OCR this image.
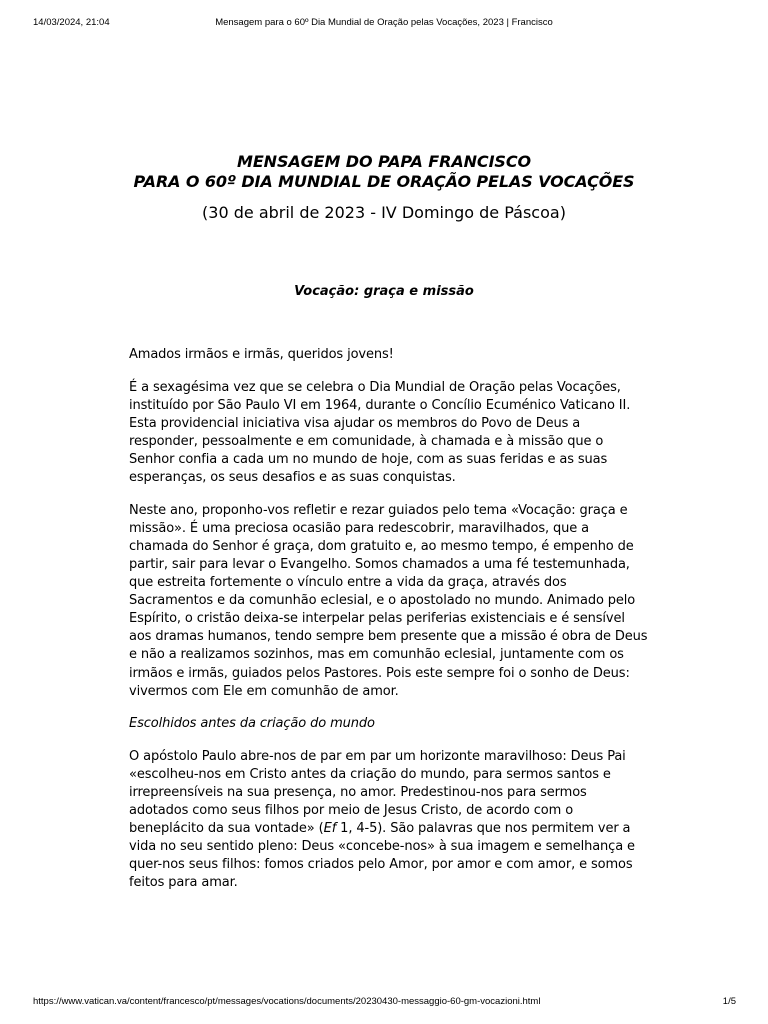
14/03/2024, 21:04	Mensagem para o 60º Dia Mundial de Oração pelas Vocações, 2023 | Francisco
MENSAGEM DO PAPA FRANCISCO
PARA O 60º DIA MUNDIAL DE ORAÇÃO PELAS VOCAÇÕES
(30 de abril de 2023 - IV Domingo de Páscoa)
Vocação: graça e missão

Amados irmãos e irmãs, queridos jovens!

É a sexagésima vez que se celebra o Dia Mundial de Oração pelas Vocações, instituído por São Paulo VI em 1964, durante o Concílio Ecuménico Vaticano II. Esta providencial iniciativa visa ajudar os membros do Povo de Deus a responder, pessoalmente e em comunidade, à chamada e à missão que o Senhor confia a cada um no mundo de hoje, com as suas feridas e as suas esperanças, os seus desafios e as suas conquistas.

Neste ano, proponho-vos refletir e rezar guiados pelo tema «Vocação: graça e missão». É uma preciosa ocasião para redescobrir, maravilhados, que a chamada do Senhor é graça, dom gratuito e, ao mesmo tempo, é empenho de partir, sair para levar o Evangelho. Somos chamados a uma fé testemunhada, que estreita fortemente o vínculo entre a vida da graça, através dos Sacramentos e da comunhão eclesial, e o apostolado no mundo. Animado pelo Espírito, o cristão deixa-se interpelar pelas periferias existenciais e é sensível aos dramas humanos, tendo sempre bem presente que a missão é obra de Deus e não a realizamos sozinhos, mas em comunhão eclesial, juntamente com os irmãos e irmãs, guiados pelos Pastores. Pois este sempre foi o sonho de Deus: vivermos com Ele em comunhão de amor.

Escolhidos antes da criação do mundo

O apóstolo Paulo abre-nos de par em par um horizonte maravilhoso: Deus Pai «escolheu-nos em Cristo antes da criação do mundo, para sermos santos e irrepreensíveis na sua presença, no amor. Predestinou-nos para sermos adotados como seus filhos por meio de Jesus Cristo, de acordo com o beneplácito da sua vontade» (Ef 1, 4-5). São palavras que nos permitem ver a vida no seu sentido pleno: Deus «concebe-nos» à sua imagem e semelhança e quer-nos seus filhos: fomos criados pelo Amor, por amor e com amor, e somos feitos para amar.

https://www.vatican.va/content/francesco/pt/messages/vocations/documents/20230430-messaggio-60-gm-vocazioni.html	1/5
